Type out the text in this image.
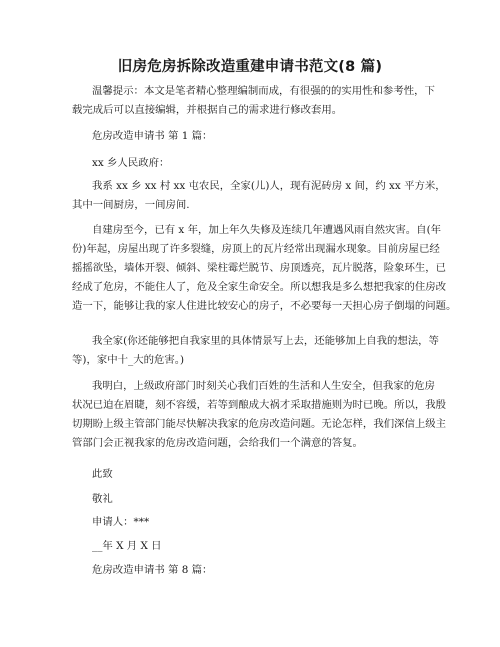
旧房危房拆除改造重建申请书范文(8 篇)
温馨提示：本文是笔者精心整理编制而成，有很强的的实用性和参考性，下
载完成后可以直接编辑，并根据自己的需求进行修改套用。
危房改造申请书 第 1 篇：
xx 乡人民政府：
我系 xx 乡 xx 村 xx 屯农民，全家(儿)人，现有泥砖房 x 间，约 xx 平方米，
其中一间厨房，一间房间.
自建房至今，已有 x 年，加上年久失修及连续几年遭遇风雨自然灾害。自(年
份)年起，房屋出现了许多裂缝，房顶上的瓦片经常出现漏水现象。目前房屋已经
摇摇欲坠，墙体开裂、倾斜、梁柱霉烂脱节、房顶透亮，瓦片脱落，险象环生，已
经成了危房，不能住人了，危及全家生命安全。所以想我是多么想把我家的住房改
造一下，能够让我的家人住进比较安心的房子，不必要每一天担心房子倒塌的问题。
我全家(你还能够把自我家里的具体情景写上去，还能够加上自我的想法，等
等)，家中十_大的危害。)
我明白，上级政府部门时刻关心我们百姓的生活和人生安全，但我家的危房
状况已迫在眉睫，刻不容缓，若等到酿成大祸才采取措施则为时已晚。所以，我殷
切期盼上级主管部门能尽快解决我家的危房改造问题。无论怎样，我们深信上级主
管部门会正视我家的危房改造问题，会给我们一个满意的答复。
此致
敬礼
申请人：***
__年 X 月 X 日
危房改造申请书 第 8 篇：
